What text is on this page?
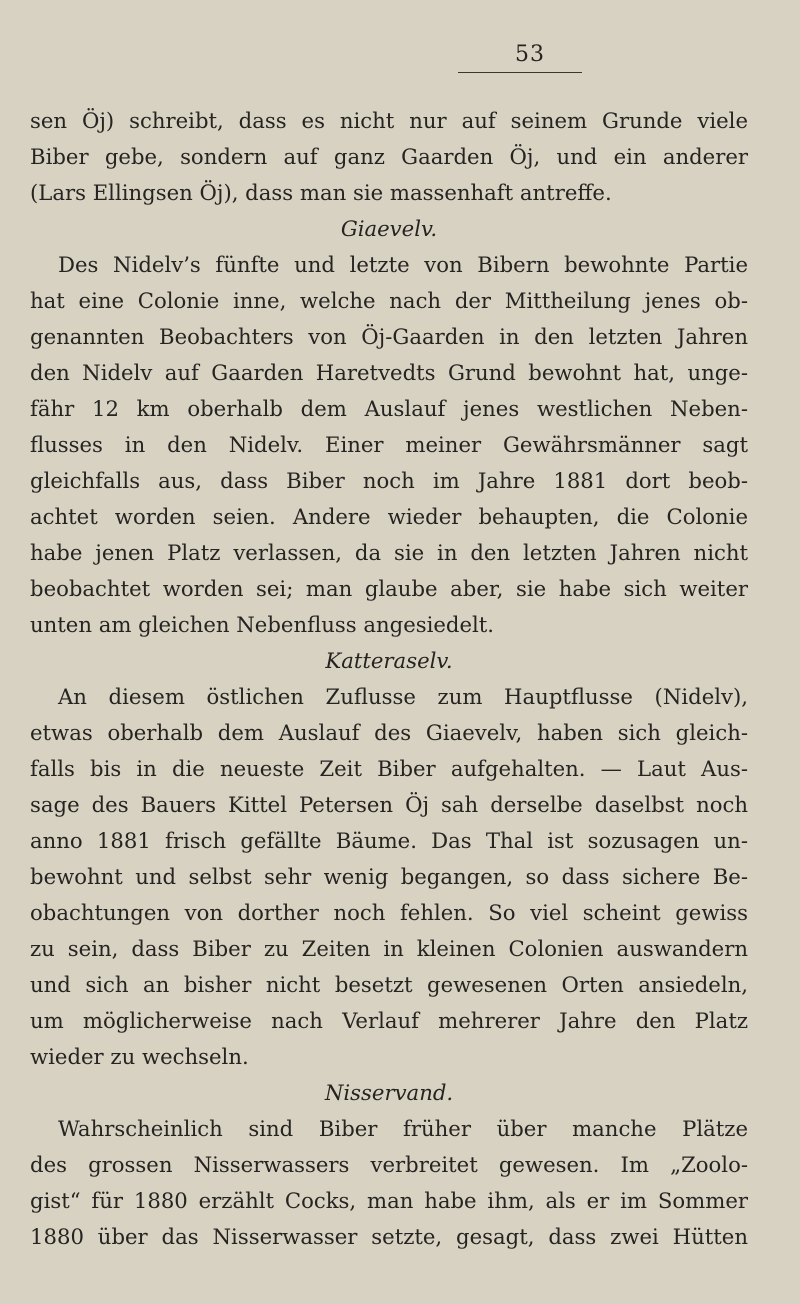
53
sen Öj) schreibt, dass es nicht nur auf seinem Grunde viele
Biber gebe, sondern auf ganz Gaarden Öj, und ein anderer
(Lars Ellingsen Öj), dass man sie massenhaft antreffe.
Giaevelv.
Des Nidelv’s fünfte und letzte von Bibern bewohnte Partie
hat eine Colonie inne, welche nach der Mittheilung jenes ob-
genannten Beobachters von Öj-Gaarden in den letzten Jahren
den Nidelv auf Gaarden Haretvedts Grund bewohnt hat, unge-
fähr 12 km oberhalb dem Auslauf jenes westlichen Neben-
flusses in den Nidelv. Einer meiner Gewährsmänner sagt
gleichfalls aus, dass Biber noch im Jahre 1881 dort beob-
achtet worden seien. Andere wieder behaupten, die Colonie
habe jenen Platz verlassen, da sie in den letzten Jahren nicht
beobachtet worden sei; man glaube aber, sie habe sich weiter
unten am gleichen Nebenfluss angesiedelt.
Katteraselv.
An diesem östlichen Zuflusse zum Hauptflusse (Nidelv),
etwas oberhalb dem Auslauf des Giaevelv, haben sich gleich-
falls bis in die neueste Zeit Biber aufgehalten. — Laut Aus-
sage des Bauers Kittel Petersen Öj sah derselbe daselbst noch
anno 1881 frisch gefällte Bäume. Das Thal ist sozusagen un-
bewohnt und selbst sehr wenig begangen, so dass sichere Be-
obachtungen von dorther noch fehlen. So viel scheint gewiss
zu sein, dass Biber zu Zeiten in kleinen Colonien auswandern
und sich an bisher nicht besetzt gewesenen Orten ansiedeln,
um möglicherweise nach Verlauf mehrerer Jahre den Platz
wieder zu wechseln.
Nisservand.
Wahrscheinlich sind Biber früher über manche Plätze
des grossen Nisserwassers verbreitet gewesen. Im „Zoolo-
gist“ für 1880 erzählt Cocks, man habe ihm, als er im Sommer
1880 über das Nisserwasser setzte, gesagt, dass zwei Hütten
